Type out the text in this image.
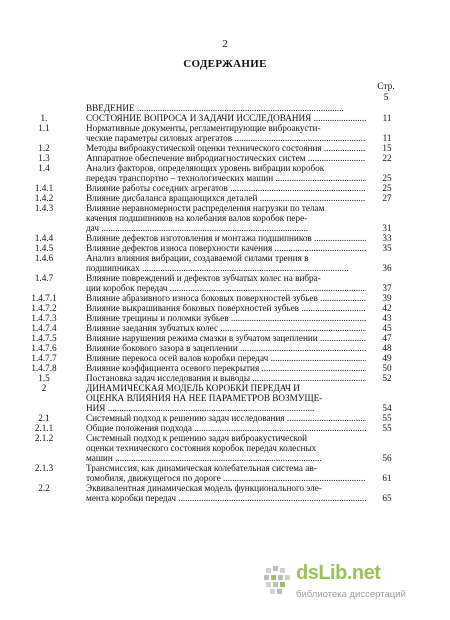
2
СОДЕРЖАНИЕ
Стр.
5
ВВЕДЕНИЕ .....
1.	СОСТОЯНИЕ ВОПРОСА И ЗАДАЧИ ИССЛЕДОВАНИЯ .....	11
1.1	Нормативные документы, регламентирующие виброакусти-
ческие параметры силовых агрегатов .....	11
1.2	Методы виброакустической оценки технического состояния .....	15
1.3	Аппаратное обеспечение вибродиагностических систем .....	22
1.4	Анализ факторов, определяющих уровень вибрации коробок
передач транспортно – технологических машин .....	25
1.4.1	Влияние работы соседних агрегатов .....	25
1.4.2	Влияние дисбаланса вращающихся деталей .....	27
1.4.3	Влияние неравномерности распределения нагрузки по телам
качения подшипников на колебания валов коробок пере-
дач .....	31
1.4.4	Влияние дефектов изготовления и монтажа подшипников .....	33
1.4.5	Влияние дефектов износа поверхности качения .....	35
1.4.6	Анализ влияния вибрации, создаваемой силами трения в
подшипниках .....	36
1.4.7	Влияние повреждений и дефектов зубчатых колес на вибра-
ции коробок передач .....	37
1.4.7.1	Влияние абразивного износа боковых поверхностей зубьев .....	39
1.4.7.2	Влияние выкрашивания боковых поверхностей зубьев .....	42
1.4.7.3	Влияние трещины и поломки зубьев .....	43
1.4.7.4	Влияние заедания зубчатых колес .....	45
1.4.7.5	Влияние нарушения режима смазки в зубчатом зацеплении .....	47
1.4.7.6	Влияние бокового зазора в зацеплении .....	48
1.4.7.7	Влияние перекоса осей валов коробки передач .....	49
1.4.7.8	Влияние коэффициента осевого перекрытия .....	50
1.5	Постановка задач исследования и выводы .....	52
2	ДИНАМИЧЕСКАЯ МОДЕЛЬ КОРОБКИ ПЕРЕДАЧ И
ОЦЕНКА ВЛИЯНИЯ НА НЕЕ ПАРАМЕТРОВ ВОЗМУЩЕ-
НИЯ .....	54
2.1	Системный подход к решению задач исследования .....	55
2.1.1	Общие положения подхода .....	55
2.1.2	Системный подход к решению задач виброакустической
оценки технического состояния коробок передач колесных
машин .....	56
2.1.3	Трансмиссия, как динамическая колебательная система ав-
томобиля, движущегося по дороге .....	61
2.2	Эквивалентная динамическая модель функционального эле-
мента коробки передач .....	65
dsLib.net
библиотека диссертаций
